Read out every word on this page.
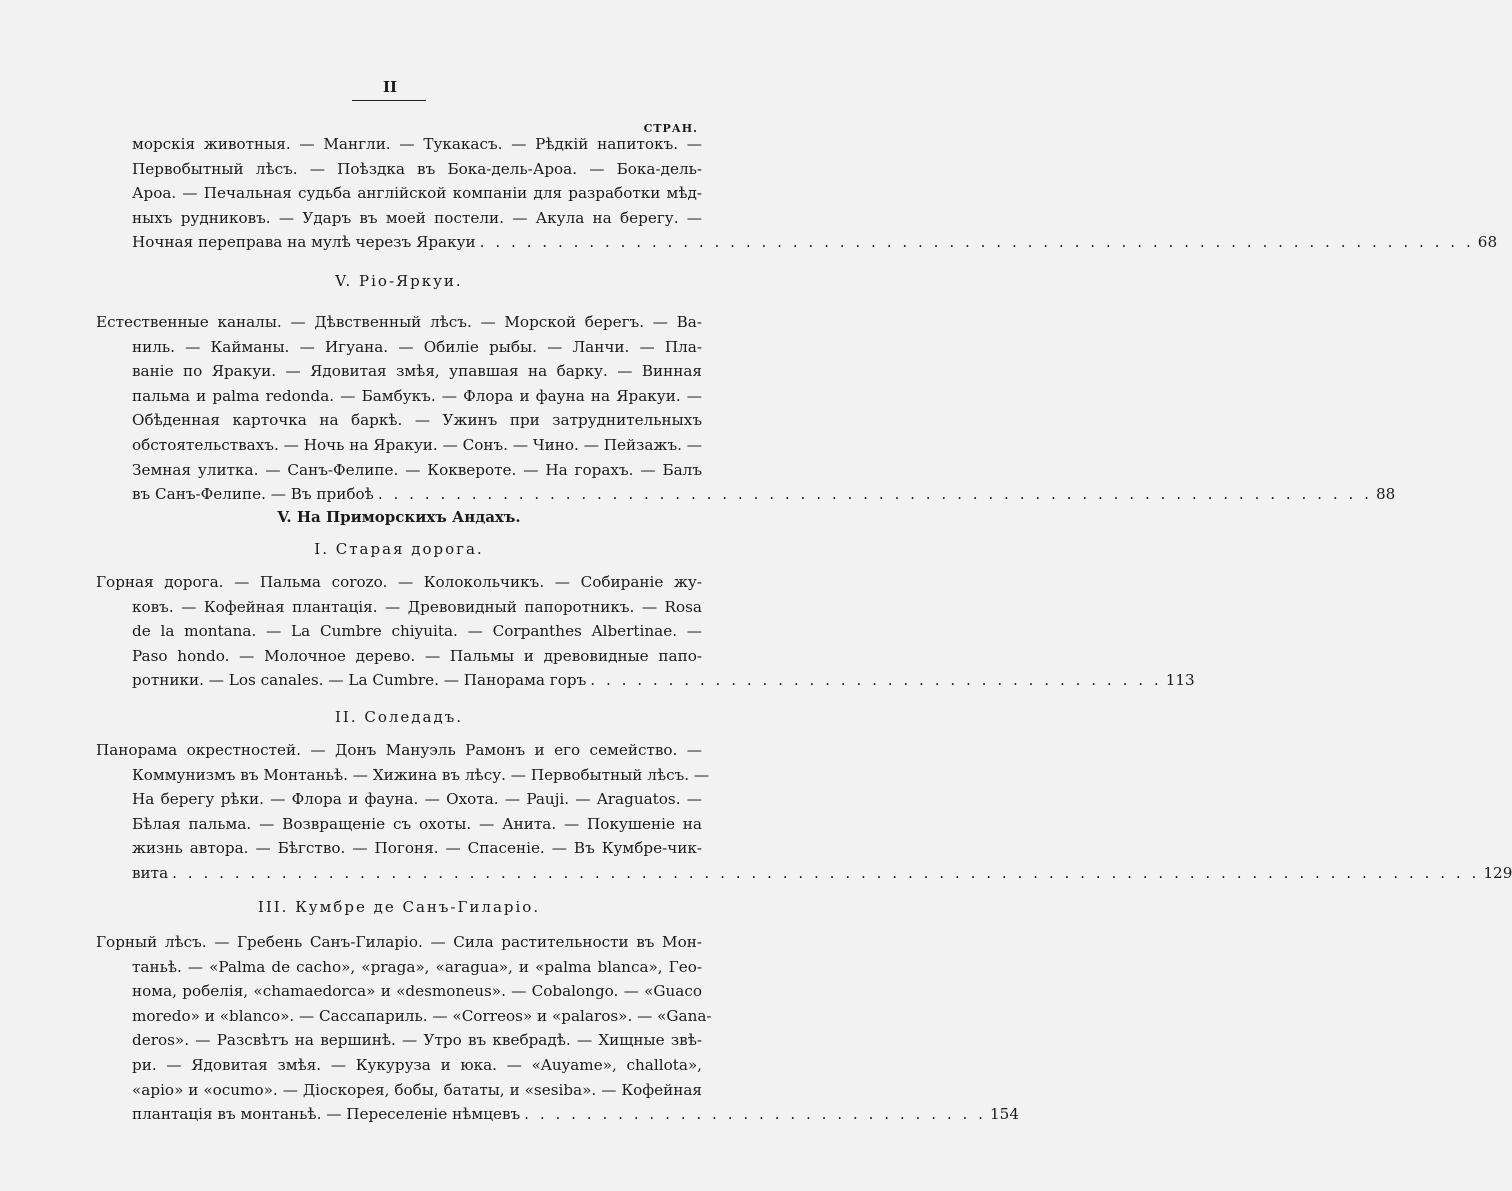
II
СТРАН.
морскія животныя. — Мангли. — Тукакасъ. — Рѣдкій напитокъ. —
Первобытный лѣсъ. — Поѣздка въ Бока-дель-Ароа. — Бока-дель-
Ароа. — Печальная судьба англійской компаніи для разработки мѣд-
ныхъ рудниковъ. — Ударъ въ моей постели. — Акула на берегу. —
Ночная переправа на мулѣ черезъ Яракуи . . . . . . . . . . . . . . . . . . . . . . . . . . . . . . . . . . . . . . . . . . . . . . . . . . . . . . . . . . . . . . . . 68
V. Ріо-Яркуи.
Естественные каналы. — Дѣвственный лѣсъ. — Морской берегъ. — Ва-
ниль. — Кайманы. — Игуана. — Обиліе рыбы. — Ланчи. — Пла-
ваніе по Яракуи. — Ядовитая змѣя, упавшая на барку. — Винная
пальма и palma redonda. — Бамбукъ. — Флора и фауна на Яракуи. —
Обѣденная карточка на баркѣ. — Ужинъ при затруднительныхъ
обстоятельствахъ. — Ночь на Яракуи. — Сонъ. — Чино. — Пейзажъ. —
Земная улитка. — Санъ-Фелипе. — Кокверотe. — На горахъ. — Балъ
въ Санъ-Фелипе. — Въ прибоѣ . . . . . . . . . . . . . . . . . . . . . . . . . . . . . . . . . . . . . . . . . . . . . . . . . . . . . . . . . . . . . . . . 88
V. На Приморскихъ Андахъ.
I. Старая дорога.
Горная дорога. — Пальма corozo. — Колокольчикъ. — Собираніе жу-
ковъ. — Кофейная плантація. — Древовидный папоротникъ. — Rosa
de la montana. — La Cumbre chiyuita. — Corpanthes Albertinae. —
Paso hondo. — Молочное дерево. — Пальмы и древовидные папо-
ротники. — Los canales. — La Cumbre. — Панорама горъ . . . . . . . . . . . . . . . . . . . . . . . . . . . . . . . . . . . . . 113
II. Соледадъ.
Панорама окрестностей. — Донъ Мануэль Рамонъ и его семейство. —
Коммунизмъ въ Монтаньѣ. — Хижина въ лѣсу. — Первобытный лѣсъ. —
На берегу рѣки. — Флора и фауна. — Охота. — Pauji. — Araguatos. —
Бѣлая пальма. — Возвращеніе съ охоты. — Анита. — Покушеніе на
жизнь автора. — Бѣгство. — Погоня. — Спасеніе. — Въ Кумбре-чик-
вита . . . . . . . . . . . . . . . . . . . . . . . . . . . . . . . . . . . . . . . . . . . . . . . . . . . . . . . . . . . . . . . . . . . . . . . . . . . . . . . . . . . . 129
III. Кумбре де Санъ-Гиларіо.
Горный лѣсъ. — Гребень Санъ-Гиларіо. — Сила растительности въ Мон-
таньѣ. — «Palma de cacho», «praga», «aragua», и «palma blanca», Гео-
нома, робелія, «chamaedorca» и «desmoneus». — Cobalongo. — «Guaco
moredo» и «blanco». — Сассапариль. — «Correos» и «palaros». — «Gana-
deros». — Разсвѣтъ на вершинѣ. — Утро въ квебрадѣ. — Хищные звѣ-
ри. — Ядовитая змѣя. — Кукуруза и юка. — «Auyame», challota»,
«apio» и «ocumo». — Діоскорея, бобы, бататы, и «sesiba». — Кофейная
плантація въ монтаньѣ. — Переселеніе нѣмцевъ . . . . . . . . . . . . . . . . . . . . . . . . . . . . . . 154
